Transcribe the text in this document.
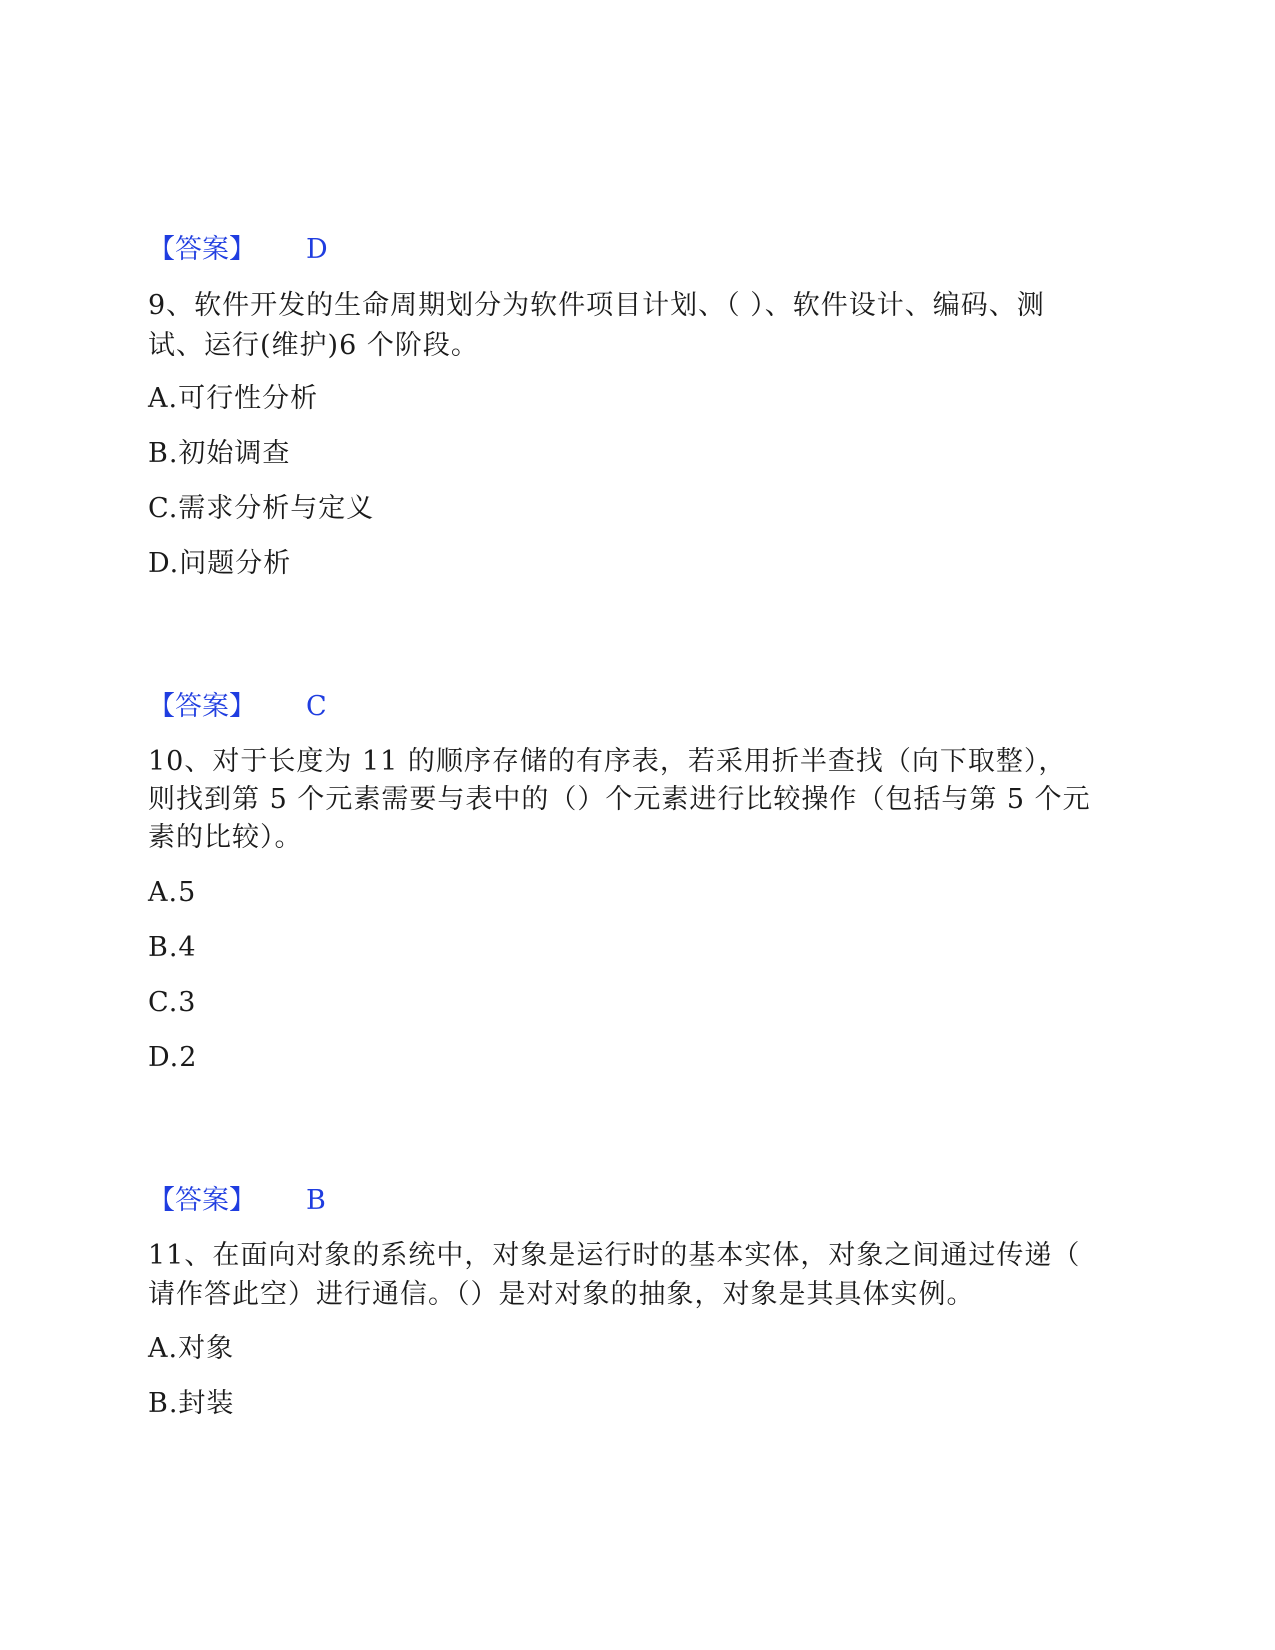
【答案】 D
9、软件开发的生命周期划分为软件项目计划、（ ）、软件设计、编码、测
试、运行(维护)6 个阶段。
A.可行性分析
B.初始调查
C.需求分析与定义
D.问题分析
【答案】 C
10、对于长度为 11 的顺序存储的有序表，若采用折半查找（向下取整），
则找到第 5 个元素需要与表中的（）个元素进行比较操作（包括与第 5 个元
素的比较）。
A.5
B.4
C.3
D.2
【答案】 B
11、在面向对象的系统中，对象是运行时的基本实体，对象之间通过传递（
请作答此空）进行通信。（）是对对象的抽象，对象是其具体实例。
A.对象
B.封装
